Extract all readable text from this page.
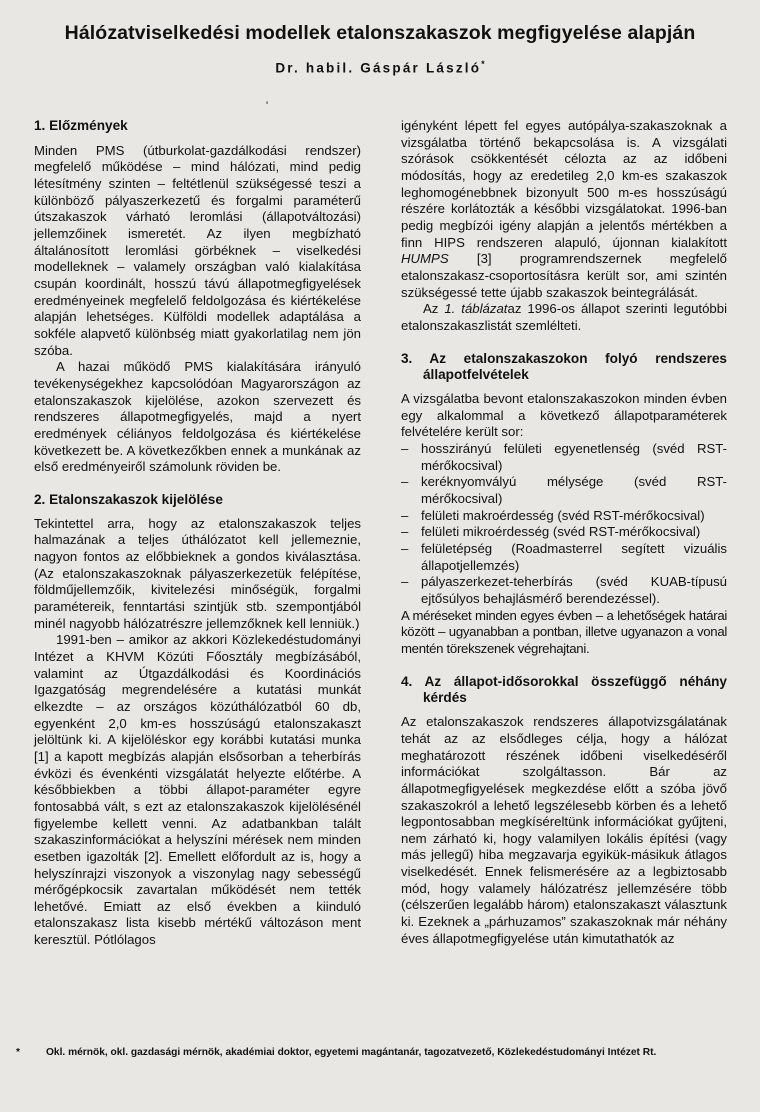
Hálózatviselkedési modellek etalonszakaszok megfigyelése alapján
Dr. habil. Gáspár László*
'
1. Előzmények

Minden PMS (útburkolat-gazdálkodási rendszer) megfelelő működése – mind hálózati, mind pedig létesítmény szinten – feltétlenül szükségessé teszi a különböző pályaszerkezetű és forgalmi paraméterű útszakaszok várható leromlási (állapotváltozási) jellemzőinek ismeretét. Az ilyen megbízható általánosított leromlási görbéknek – viselkedési modelleknek – valamely országban való kialakítása csupán koordinált, hosszú távú állapotmegfigyelések eredményeinek megfelelő feldolgozása és kiértékelése alapján lehetséges. Külföldi modellek adaptálása a sokféle alapvető különbség miatt gyakorlatilag nem jön szóba.

A hazai működő PMS kialakítására irányuló tevékenységekhez kapcsolódóan Magyarországon az etalonszakaszok kijelölése, azokon szervezett és rendszeres állapotmegfigyelés, majd a nyert eredmények céliányos feldolgozása és kiértékelése következett be. A következőkben ennek a munkának az első eredményeiről számolunk röviden be.

2. Etalonszakaszok kijelölése

Tekintettel arra, hogy az etalonszakaszok teljes halmazának a teljes úthálózatot kell jellemeznie, nagyon fontos az előbbieknek a gondos kiválasztása. (Az etalonszakaszoknak pályaszerkezetük felépítése, földműjellemzőik, kivitelezési minőségük, forgalmi paramétereik, fenntartási szintjük stb. szempontjából minél nagyobb hálózatrészre jellemzőknek kell lenniük.)

1991-ben – amikor az akkori Közlekedéstudományi Intézet a KHVM Közúti Főosztály megbízásából, valamint az Útgazdálkodási és Koordinációs Igazgatóság megrendelésére a kutatási munkát elkezdte – az országos közúthálózatból 60 db, egyenként 2,0 km-es hosszúságú etalonszakaszt jelöltünk ki. A kijelöléskor egy korábbi kutatási munka [1] a kapott megbízás alapján elsősorban a teherbírás évközi és évenkénti vizsgálatát helyezte előtérbe. A későbbiekben a többi állapot-paraméter egyre fontosabbá vált, s ezt az etalonszakaszok kijelölésénél figyelembe kellett venni. Az adatbankban talált szakaszinformációkat a helyszíni mérések nem minden esetben igazolták [2]. Emellett előfordult az is, hogy a helyszínrajzi viszonyok a viszonylag nagy sebességű mérőgépkocsik zavartalan működését nem tették lehetővé. Emiatt az első években a kiinduló etalonszakasz lista kisebb mértékű változáson ment keresztül. Pótlólagos

igényként lépett fel egyes autópálya-szakaszoknak a vizsgálatba történő bekapcsolása is. A vizsgálati szórások csökkentését célozta az az időbeni módosítás, hogy az eredetileg 2,0 km-es szakaszok leghomogénebbnek bizonyult 500 m-es hosszúságú részére korlátozták a későbbi vizsgálatokat. 1996-ban pedig megbízói igény alapján a jelentős mértékben a finn HIPS rendszeren alapuló, újonnan kialakított HUMPS [3] programrendszernek megfelelő etalonszakasz-csoportosításra került sor, ami szintén szükségessé tette újabb szakaszok beintegrálását.

Az 1. táblázataz 1996-os állapot szerinti legutóbbi etalonszakaszlistát szemlélteti.

3. Az etalonszakaszokon folyó rendszeres állapotfelvételek

A vizsgálatba bevont etalonszakaszokon minden évben egy alkalommal a következő állapotparaméterek felvételére került sor:

– hosszirányú felületi egyenetlenség (svéd RST-mérőkocsival)
– keréknyomvályú mélysége (svéd RST-mérőkocsival)
– felületi makroérdesség (svéd RST-mérőkocsival)
– felületi mikroérdesség (svéd RST-mérőkocsival)
– felületépség (Roadmasterrel segített vizuális állapotjellemzés)
– pályaszerkezet-teherbírás (svéd KUAB-típusú ejtősúlyos behajlásmérő berendezéssel).

A méréseket minden egyes évben – a lehetőségek határai között – ugyanabban a pontban, illetve ugyanazon a vonal mentén törekszenek végrehajtani.

4. Az állapot-idősorokkal összefüggő néhány kérdés

Az etalonszakaszok rendszeres állapotvizsgálatának tehát az az elsődleges célja, hogy a hálózat meghatározott részének időbeni viselkedéséről információkat szolgáltasson. Bár az állapotmegfigyelések megkezdése előtt a szóba jövő szakaszokról a lehető legszélesebb körben és a lehető legpontosabban megkíséreltünk információkat gyűjteni, nem zárható ki, hogy valamilyen lokális építési (vagy más jellegű) hiba megzavarja egyikük-másikuk átlagos viselkedését. Ennek felismerésére az a legbiztosabb mód, hogy valamely hálózatrész jellemzésére több (célszerűen legalább három) etalonszakaszt választunk ki. Ezeknek a „párhuzamos” szakaszoknak már néhány éves állapotmegfigyelése után kimutathatók az

*	Okl. mérnök, okl. gazdasági mérnök, akadémiai doktor, egyetemi magántanár, tagozatvezető, Közlekedéstudományi Intézet Rt.
